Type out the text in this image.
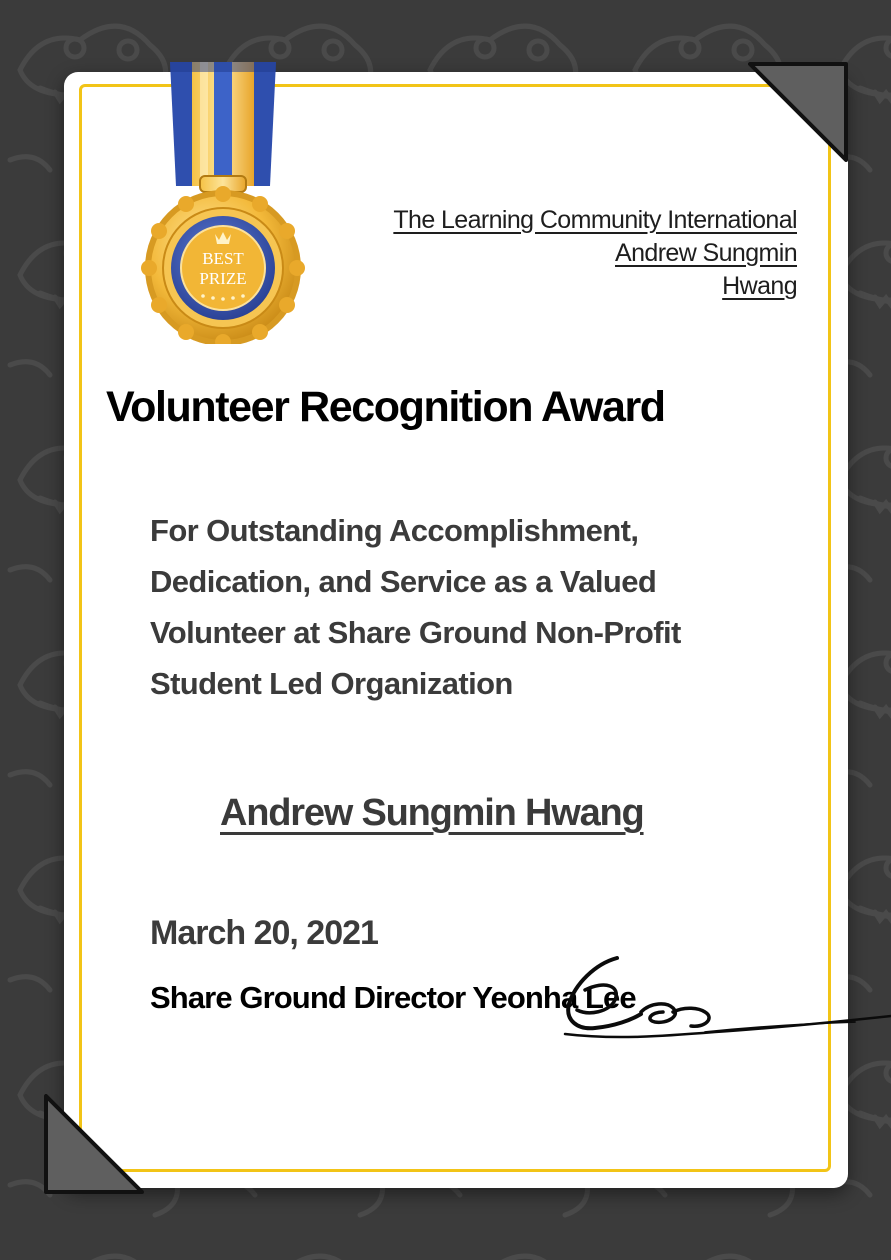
BEST
PRIZE
The Learning Community International
Andrew Sungmin
Hwang
Volunteer Recognition Award
For Outstanding Accomplishment, Dedication, and Service as a Valued Volunteer at Share Ground Non-Profit Student Led Organization
Andrew Sungmin Hwang
March 20, 2021
Share Ground Director Yeonha Lee
